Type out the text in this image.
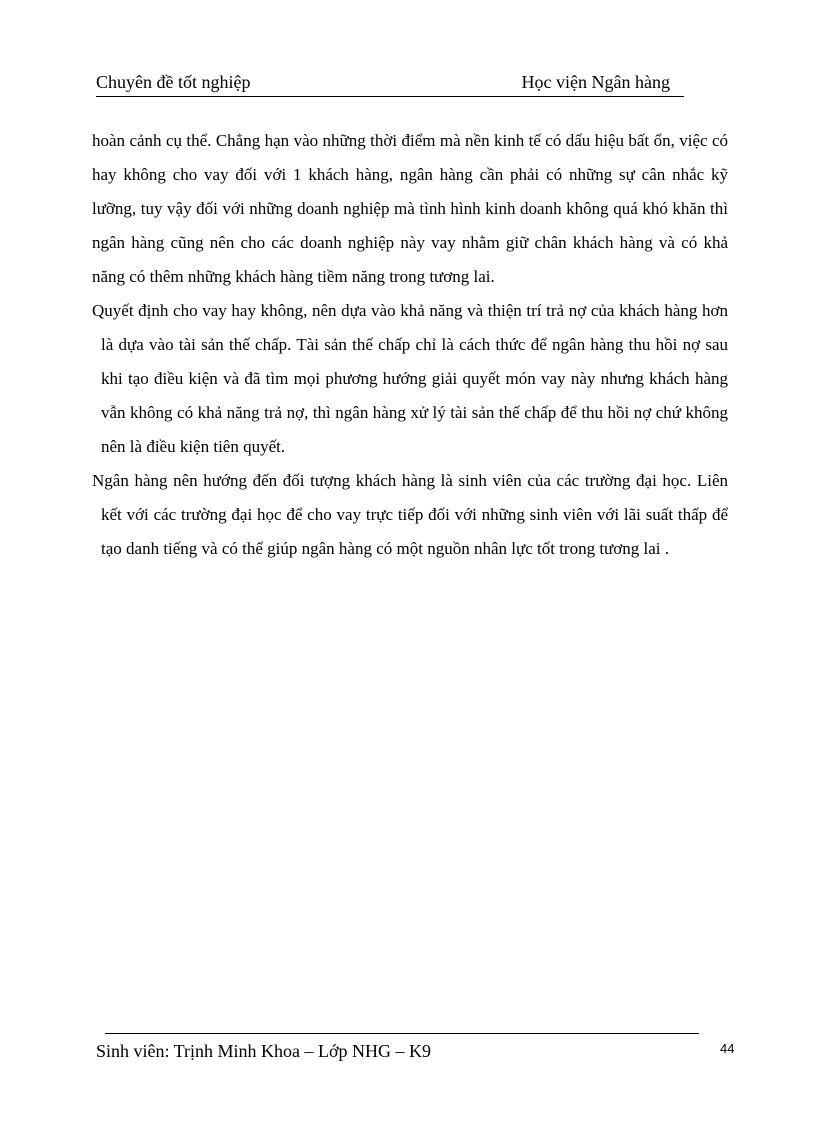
Chuyên đề tốt nghiệp	Học viện Ngân hàng

hoàn cảnh cụ thể. Chẳng hạn vào những thời điểm mà nền kinh tế có dấu hiệu bất ổn, việc có hay không cho vay đối với 1 khách hàng, ngân hàng cần phải có những sự cân nhắc kỹ lưỡng, tuy vậy đối với những doanh nghiệp mà tình hình kinh doanh không quá khó khăn thì ngân hàng cũng nên cho các doanh nghiệp này vay nhằm giữ chân khách hàng và có khả năng có thêm những khách hàng tiềm năng trong tương lai.

Quyết định cho vay hay không, nên dựa vào khả năng và thiện trí trả nợ của khách hàng hơn là dựa vào tài sản thế chấp. Tài sản thế chấp chỉ là cách thức để ngân hàng thu hồi nợ sau khi tạo điều kiện và đã tìm mọi phương hướng giải quyết món vay này nhưng khách hàng vẫn không có khả năng trả nợ, thì ngân hàng xử lý tài sản thế chấp để thu hồi nợ chứ không nên là điều kiện tiên quyết.

Ngân hàng nên hướng đến đối tượng khách hàng là sinh viên của các trường đại học. Liên kết với các trường đại học để cho vay trực tiếp đối với những sinh viên với lãi suất thấp để tạo danh tiếng và có thể giúp ngân hàng có một nguồn nhân lực tốt trong tương lai .

Sinh viên: Trịnh Minh Khoa – Lớp NHG – K9	44
